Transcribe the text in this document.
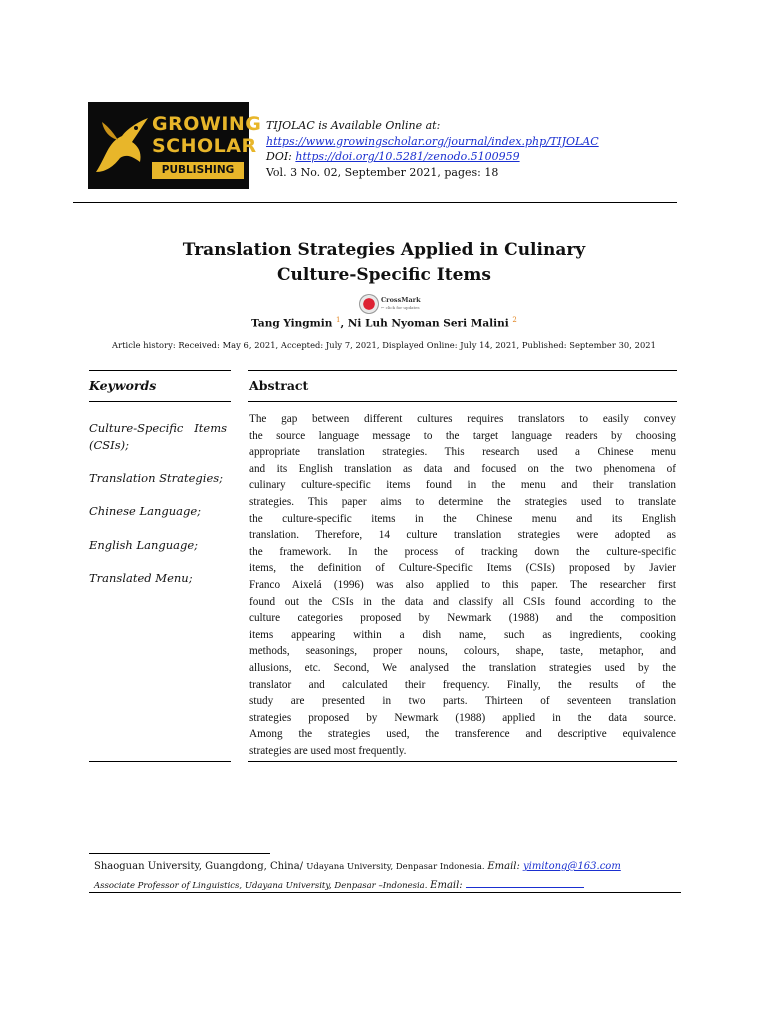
GROWING
SCHOLAR
PUBLISHING
TIJOLAC is Available Online at:
https://www.growingscholar.org/journal/index.php/TIJOLAC
DOI: https://doi.org/10.5281/zenodo.5100959
Vol. 3 No. 02, September 2021, pages: 18
Translation Strategies Applied in Culinary
Culture-Specific Items
CrossMark
← click for updates
Tang Yingmin $^1$, Ni Luh Nyoman Seri Malini $^2$
Article history: Received: May 6, 2021, Accepted: July 7, 2021, Displayed Online: July 14, 2021, Published: September 30, 2021
Keywords	Abstract
Culture-Specific Items
(CSIs);
Translation Strategies;
Chinese Language;
English Language;
Translated Menu;
The gap between different cultures requires translators to easily convey
the source language message to the target language readers by choosing
appropriate translation strategies. This research used a Chinese menu
and its English translation as data and focused on the two phenomena of
culinary culture-specific items found in the menu and their translation
strategies. This paper aims to determine the strategies used to translate
the culture-specific items in the Chinese menu and its English
translation. Therefore, 14 culture translation strategies were adopted as
the framework. In the process of tracking down the culture-specific
items, the definition of Culture-Specific Items (CSIs) proposed by Javier
Franco Aixelá (1996) was also applied to this paper. The researcher first
found out the CSIs in the data and classify all CSIs found according to the
culture categories proposed by Newmark (1988) and the composition
items appearing within a dish name, such as ingredients, cooking
methods, seasonings, proper nouns, colours, shape, taste, metaphor, and
allusions, etc. Second, We analysed the translation strategies used by the
translator and calculated their frequency. Finally, the results of the
study are presented in two parts. Thirteen of seventeen translation
strategies proposed by Newmark (1988) applied in the data source.
Among the strategies used, the transference and descriptive equivalence
strategies are used most frequently.
Shaoguan University, Guangdong, China/ Udayana University, Denpasar Indonesia. Email: yimitong@163.com
Associate Professor of Linguistics, Udayana University, Denpasar –Indonesia. Email:
